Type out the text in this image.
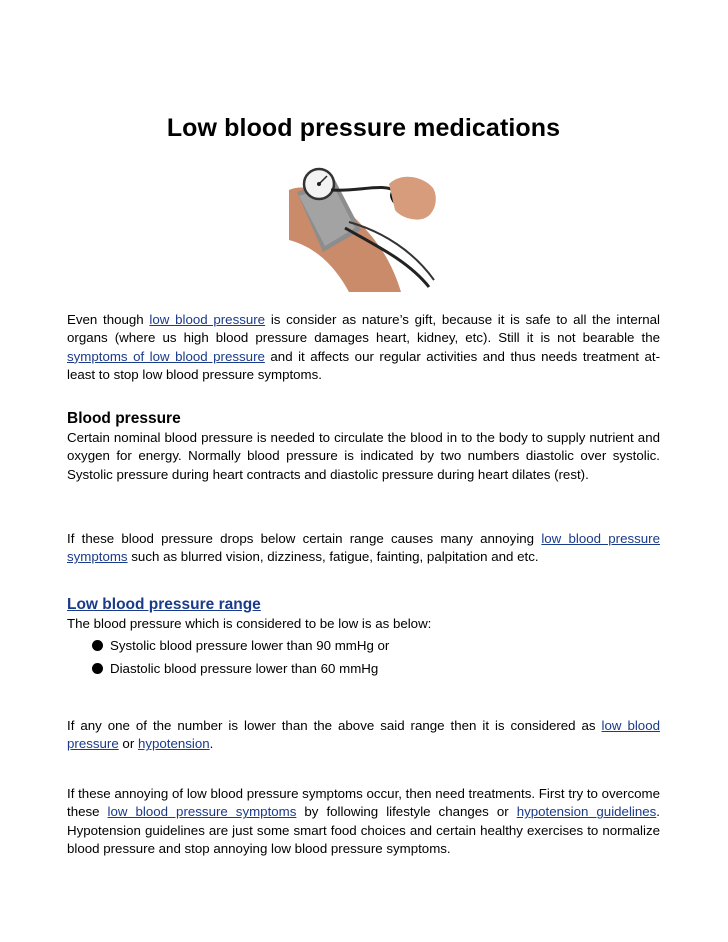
Low blood pressure medications

Even though low blood pressure is consider as nature’s gift, because it is safe to all the internal organs (where us high blood pressure damages heart, kidney, etc). Still it is not bearable the symptoms of low blood pressure and it affects our regular activities and thus needs treatment at-least to stop low blood pressure symptoms.

Blood pressure

Certain nominal blood pressure is needed to circulate the blood in to the body to supply nutrient and oxygen for energy. Normally blood pressure is indicated by two numbers diastolic over systolic. Systolic pressure during heart contracts and diastolic pressure during heart dilates (rest).

If these blood pressure drops below certain range causes many annoying low blood pressure symptoms such as blurred vision, dizziness, fatigue, fainting, palpitation and etc.

Low blood pressure range

The blood pressure which is considered to be low is as below:

Systolic blood pressure lower than 90 mmHg or
Diastolic blood pressure lower than 60 mmHg

If any one of the number is lower than the above said range then it is considered as low blood pressure or hypotension.

If these annoying of low blood pressure symptoms occur, then need treatments. First try to overcome these low blood pressure symptoms by following lifestyle changes or hypotension guidelines. Hypotension guidelines are just some smart food choices and certain healthy exercises to normalize blood pressure and stop annoying low blood pressure symptoms.
